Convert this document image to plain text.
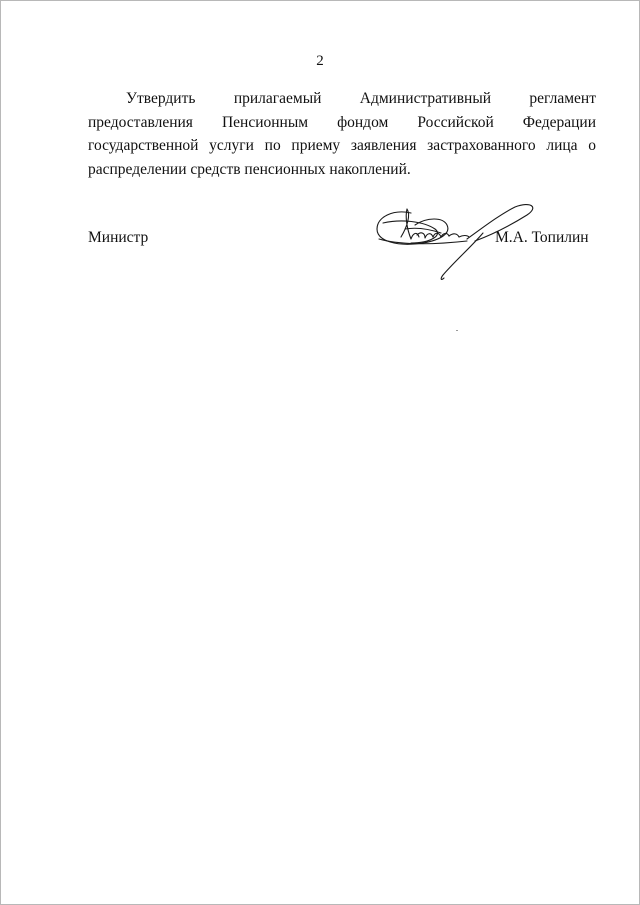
2

Утвердить прилагаемый Административный регламент предоставления Пенсионным фондом Российской Федерации государственной услуги по приему заявления застрахованного лица о распределении средств пенсионных накоплений.

Министр	М.А. Топилин
